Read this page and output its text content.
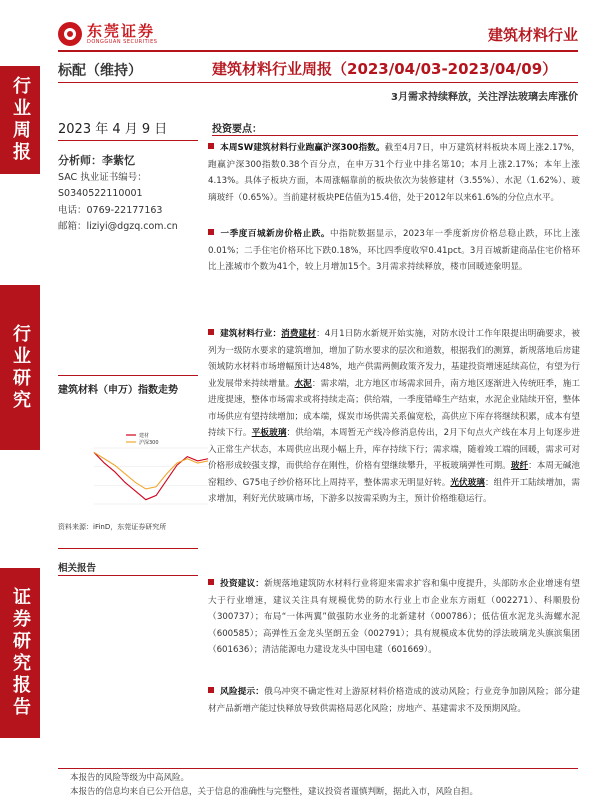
东莞证券
DONGGUAN SECURITIES	建筑材料行业
行业周报
行业研究
证券研究报告
标配（维持）	建筑材料行业周报（2023/04/03-2023/04/09）
3月需求持续释放，关注浮法玻璃去库涨价
2023 年 4 月 9 日
分析师：李紫忆
SAC 执业证书编号：
S0340522110001
电话：0769-22177163
邮箱：liziyi@dgzq.com.cn
建筑材料（申万）指数走势
建材
沪深300
资料来源：iFinD，东莞证券研究所
相关报告
投资要点：
本周SW建筑材料行业跑赢沪深300指数。截至4月7日，申万建筑材料板块本周上涨2.17%，跑赢沪深300指数0.38个百分点，在申万31个行业中排名第10；本月上涨2.17%；本年上涨4.13%。具体子板块方面，本周涨幅靠前的板块依次为装修建材（3.55%）、水泥（1.62%）、玻璃玻纤（0.65%）。当前建材板块PE估值为15.4倍，处于2012年以来61.6%的分位点水平。
一季度百城新房价格止跌。中指院数据显示，2023年一季度新房价格总稳止跌，环比上涨0.01%；二手住宅价格环比下跌0.18%，环比四季度收窄0.41pct。3月百城新建商品住宅价格环比上涨城市个数为41个，较上月增加15个。3月需求持续释放，楼市回暖迹象明显。
建筑材料行业：消费建材：4月1日防水新规开始实施，对防水设计工作年限提出明确要求，被列为一级防水要求的建筑增加，增加了防水要求的层次和道数，根据我们的测算，新规落地后房建领域防水材料市场增幅预计达48%，地产供需两侧政策齐发力，基建投资增速延续高位，有望为行业发展带来持续增量。水泥：需求端，北方地区市场需求回升，南方地区逐渐进入传统旺季，施工进度提速，整体市场需求或将持续走高；供给端，一季度错峰生产结束，水泥企业陆续开窑，整体市场供应有望持续增加；成本端，煤炭市场供需关系偏宽松，高供应下库存将继续积累，成本有望持续下行。平板玻璃：供给端，本周暂无产线冷修消息传出，2月下旬点火产线在本月上旬逐步进入正常生产状态，本周供应出现小幅上升，库存持续下行；需求端，随着竣工端的回暖，需求可对价格形成较强支撑，而供给存在刚性，价格有望继续攀升，平板玻璃弹性可期。玻纤：本周无碱池窑粗纱、G75电子纱价格环比上周持平，整体需求无明显好转。光伏玻璃：组件开工陆续增加，需求增加，利好光伏玻璃市场，下游多以按需采购为主，预计价格维稳运行。
投资建议：新规落地建筑防水材料行业将迎来需求扩容和集中度提升，头部防水企业增速有望大于行业增速，建议关注具有规模优势的防水行业上市企业东方雨虹（002271）、科顺股份（300737）；布局“一体两翼”做强防水业务的北新建材（000786）；低估值水泥龙头海螺水泥（600585）；高弹性五金龙头坚朗五金（002791）；具有规模成本优势的浮法玻璃龙头旗滨集团（601636）；清洁能源电力建设龙头中国电建（601669）。
风险提示：俄乌冲突不确定性对上游原材料价格造成的波动风险；行业竞争加剧风险；部分建材产品新增产能过快释放导致供需格局恶化风险；房地产、基建需求不及预期风险。
本报告的风险等级为中高风险。
本报告的信息均来自已公开信息，关于信息的准确性与完整性，建议投资者谨慎判断，据此入市，风险自担。
